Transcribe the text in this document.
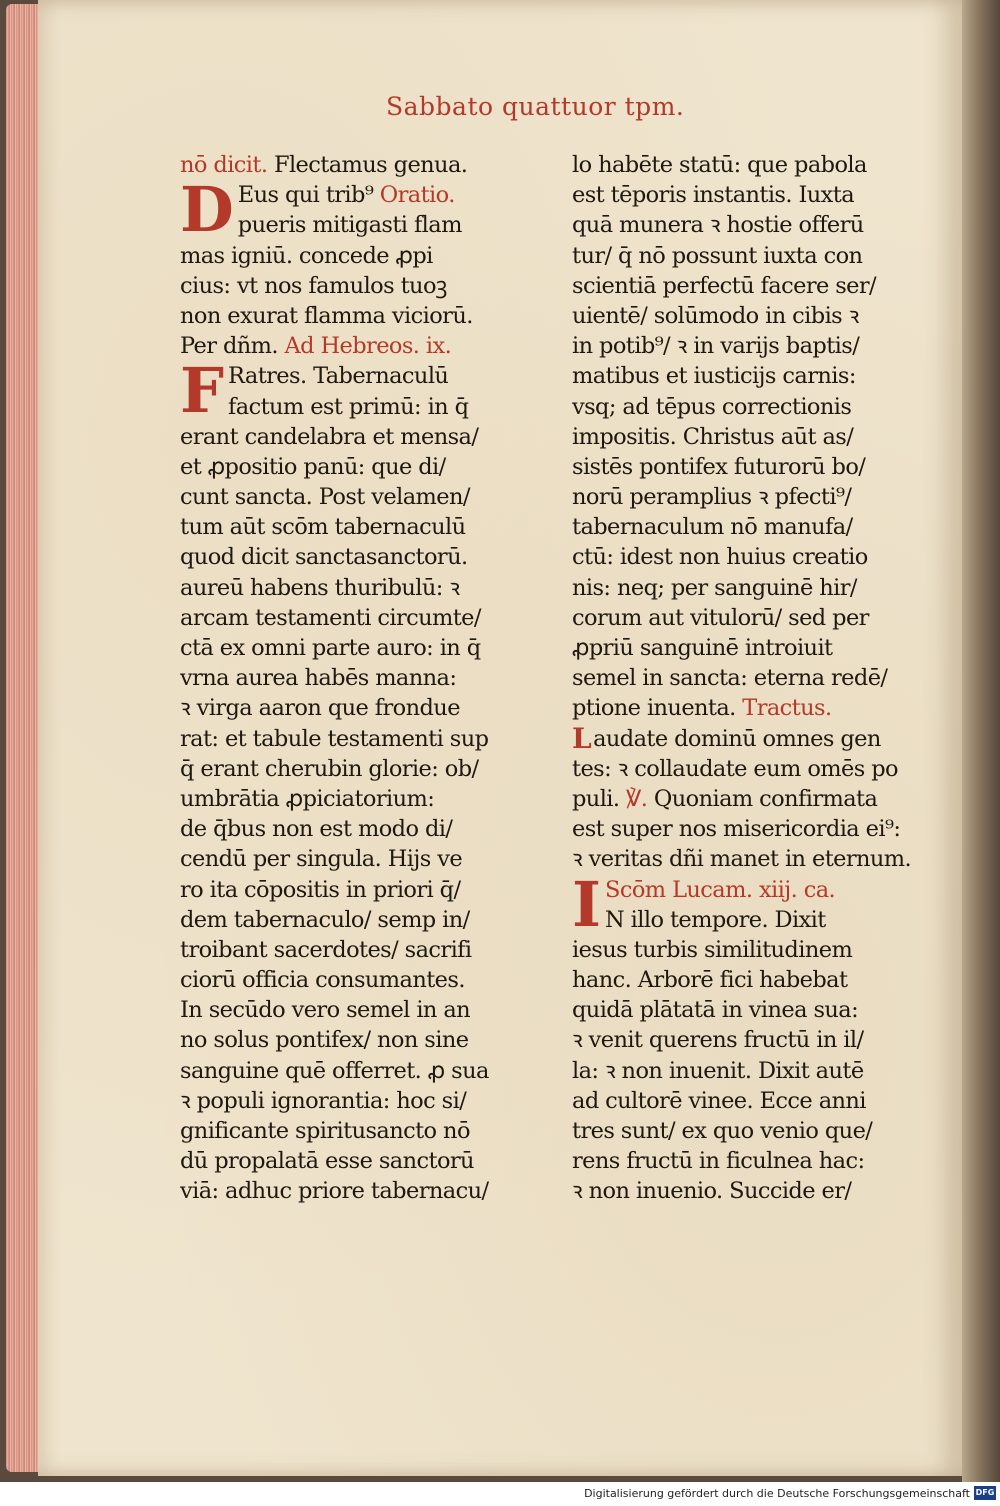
Sabbato quattuor tpm.
nō dicit. Flectamus genua.
D Eus qui trib⁹ Oratio.
pueris mitigasti flam
mas igniū. concede ꝓpi
cius: vt nos famulos tuoꝫ
non exurat flamma viciorū.
Per dñm. Ad Hebreos. ix.
F Ratres. Tabernaculū
factum est primū: in q̄
erant candelabra et mensa/
et ꝓpositio panū: que di/
cunt sancta. Post velamen/
tum aūt scōm tabernaculū
quod dicit sanctasanctorū.
aureū habens thuribulū: ꝛ
arcam testamenti circumte/
ctā ex omni parte auro: in q̄
vrna aurea habēs manna:
ꝛ virga aaron que frondue
rat: et tabule testamenti sup
q̄ erant cherubin glorie: ob/
umbrātia ꝓpiciatorium:
de q̄bus non est modo di/
cendū per singula. Hijs ve
ro ita cōpositis in priori q̄/
dem tabernaculo/ semp in/
troibant sacerdotes/ sacrifi
ciorū officia consumantes.
In secūdo vero semel in an
no solus pontifex/ non sine
sanguine quē offerret. ꝓ sua
ꝛ populi ignorantia: hoc si/
gnificante spiritusancto nō
dū propalatā esse sanctorū
viā: adhuc priore tabernacu/
lo habēte statū: que pabola
est tēporis instantis. Iuxta
quā munera ꝛ hostie offerū
tur/ q̄ nō possunt iuxta con
scientiā perfectū facere ser/
uientē/ solūmodo in cibis ꝛ
in potib⁹/ ꝛ in varijs baptis/
matibus et iusticijs carnis:
vsq; ad tēpus correctionis
impositis. Christus aūt as/
sistēs pontifex futurorū bo/
norū peramplius ꝛ pfecti⁹/
tabernaculum nō manufa/
ctū: idest non huius creatio
nis: neq; per sanguinē hir/
corum aut vitulorū/ sed per
ꝓpriū sanguinē introiuit
semel in sancta: eterna redē/
ptione inuenta. Tractus.
L audate dominū omnes gen
tes: ꝛ collaudate eum omēs po
puli. ℣. Quoniam confirmata
est super nos misericordia ei⁹:
ꝛ veritas dñi manet in eternum.
I Scōm Lucam. xiij. ca.
N illo tempore. Dixit
iesus turbis similitudinem
hanc. Arborē fici habebat
quidā plātatā in vinea sua:
ꝛ venit querens fructū in il/
la: ꝛ non inuenit. Dixit autē
ad cultorē vinee. Ecce anni
tres sunt/ ex quo venio que/
rens fructū in ficulnea hac:
ꝛ non inuenio. Succide er/
Digitalisierung gefördert durch die Deutsche Forschungsgemeinschaft DFG
